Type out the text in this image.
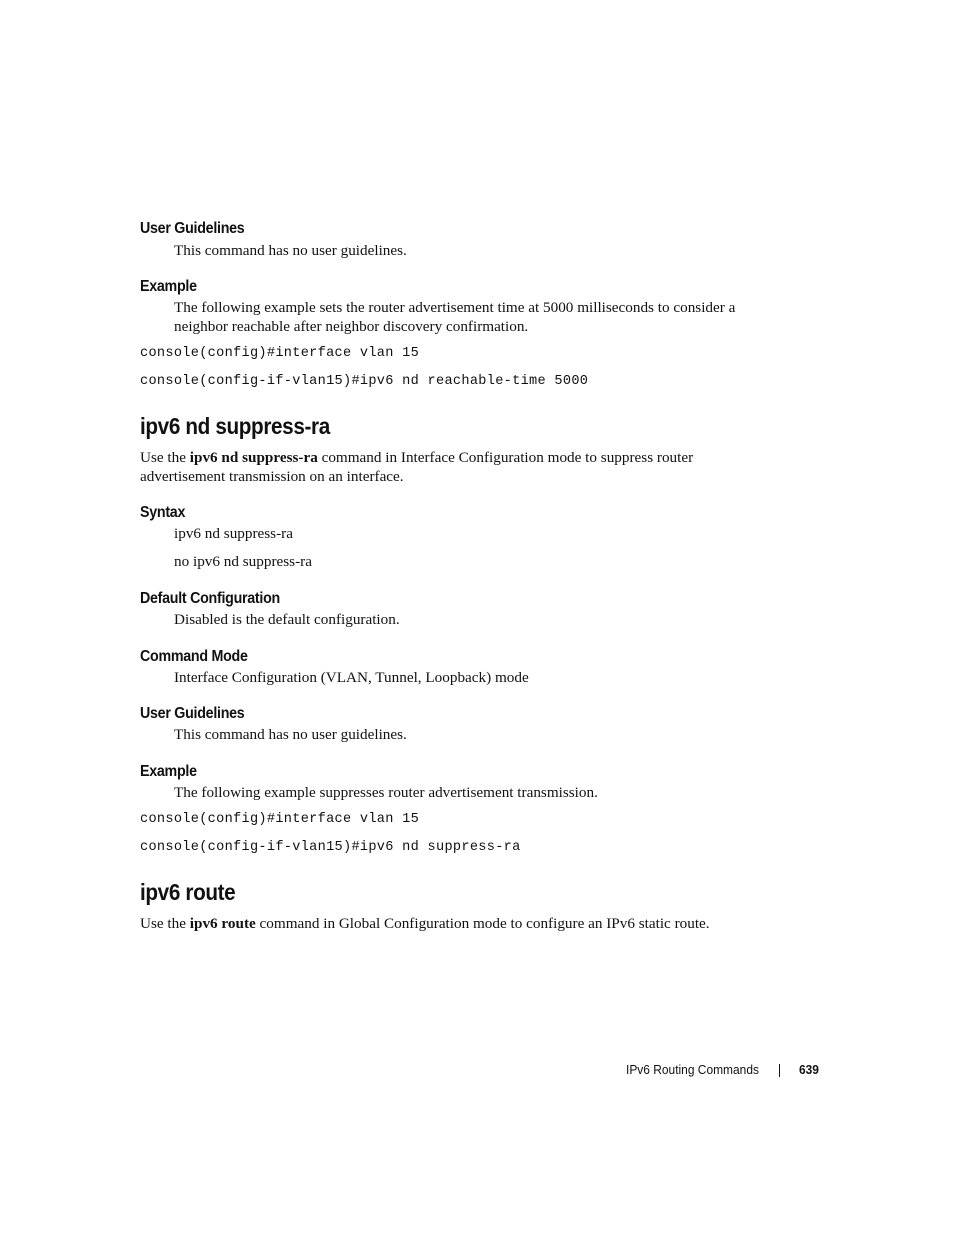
User Guidelines
This command has no user guidelines.
Example
The following example sets the router advertisement time at 5000 milliseconds to consider a
neighbor reachable after neighbor discovery confirmation.
console(config)#interface vlan 15
console(config-if-vlan15)#ipv6 nd reachable-time 5000
ipv6 nd suppress-ra
Use the ipv6 nd suppress-ra command in Interface Configuration mode to suppress router
advertisement transmission on an interface.
Syntax
ipv6 nd suppress-ra
no ipv6 nd suppress-ra
Default Configuration
Disabled is the default configuration.
Command Mode
Interface Configuration (VLAN, Tunnel, Loopback) mode
User Guidelines
This command has no user guidelines.
Example
The following example suppresses router advertisement transmission.
console(config)#interface vlan 15
console(config-if-vlan15)#ipv6 nd suppress-ra
ipv6 route
Use the ipv6 route command in Global Configuration mode to configure an IPv6 static route.
IPv6 Routing Commands	639
